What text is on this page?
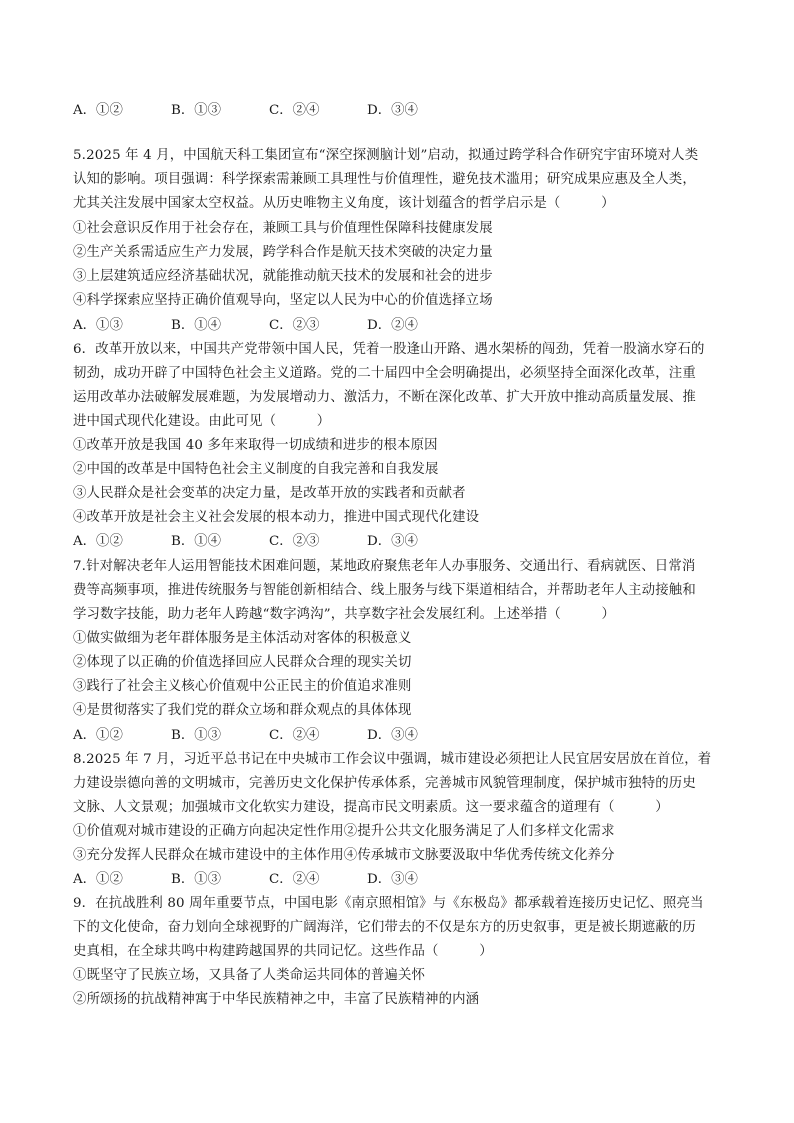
A．①②	B．①③	C．②④	D．③④
5.2025 年 4 月，中国航天科工集团宣布“深空探测脑计划”启动，拟通过跨学科合作研究宇宙环境对人类
认知的影响。项目强调：科学探索需兼顾工具理性与价值理性，避免技术滥用；研究成果应惠及全人类，
尤其关注发展中国家太空权益。从历史唯物主义角度，该计划蕴含的哲学启示是（　　　）
①社会意识反作用于社会存在，兼顾工具与价值理性保障科技健康发展
②生产关系需适应生产力发展，跨学科合作是航天技术突破的决定力量
③上层建筑适应经济基础状况，就能推动航天技术的发展和社会的进步
④科学探索应坚持正确价值观导向，坚定以人民为中心的价值选择立场
A．①③	B．①④	C．②③	D．②④
6．改革开放以来，中国共产党带领中国人民，凭着一股逢山开路、遇水架桥的闯劲，凭着一股滴水穿石的
韧劲，成功开辟了中国特色社会主义道路。党的二十届四中全会明确提出，必须坚持全面深化改革，注重
运用改革办法破解发展难题，为发展增动力、激活力，不断在深化改革、扩大开放中推动高质量发展、推
进中国式现代化建设。由此可见（　　　）
①改革开放是我国 40 多年来取得一切成绩和进步的根本原因
②中国的改革是中国特色社会主义制度的自我完善和自我发展
③人民群众是社会变革的决定力量，是改革开放的实践者和贡献者
④改革开放是社会主义社会发展的根本动力，推进中国式现代化建设
A．①②	B．①④	C．②③	D．③④
7.针对解决老年人运用智能技术困难问题，某地政府聚焦老年人办事服务、交通出行、看病就医、日常消
费等高频事项，推进传统服务与智能创新相结合、线上服务与线下渠道相结合，并帮助老年人主动接触和
学习数字技能，助力老年人跨越“数字鸿沟”，共享数字社会发展红利。上述举措（　　　）
①做实做细为老年群体服务是主体活动对客体的积极意义
②体现了以正确的价值选择回应人民群众合理的现实关切
③践行了社会主义核心价值观中公正民主的价值追求准则
④是贯彻落实了我们党的群众立场和群众观点的具体体现
A．①②	B．①③	C．②④	D．③④
8.2025 年 7 月，习近平总书记在中央城市工作会议中强调，城市建设必须把让人民宜居安居放在首位，着
力建设崇德向善的文明城市，完善历史文化保护传承体系，完善城市风貌管理制度，保护城市独特的历史
文脉、人文景观；加强城市文化软实力建设，提高市民文明素质。这一要求蕴含的道理有（　　　）
①价值观对城市建设的正确方向起决定性作用②提升公共文化服务满足了人们多样文化需求
③充分发挥人民群众在城市建设中的主体作用④传承城市文脉要汲取中华优秀传统文化养分
A．①②	B．①③	C．②④	D．③④
9．在抗战胜利 80 周年重要节点，中国电影《南京照相馆》与《东极岛》都承载着连接历史记忆、照亮当
下的文化使命，奋力划向全球视野的广阔海洋，它们带去的不仅是东方的历史叙事，更是被长期遮蔽的历
史真相，在全球共鸣中构建跨越国界的共同记忆。这些作品（　　　）
①既坚守了民族立场，又具备了人类命运共同体的普遍关怀
②所颂扬的抗战精神寓于中华民族精神之中，丰富了民族精神的内涵
